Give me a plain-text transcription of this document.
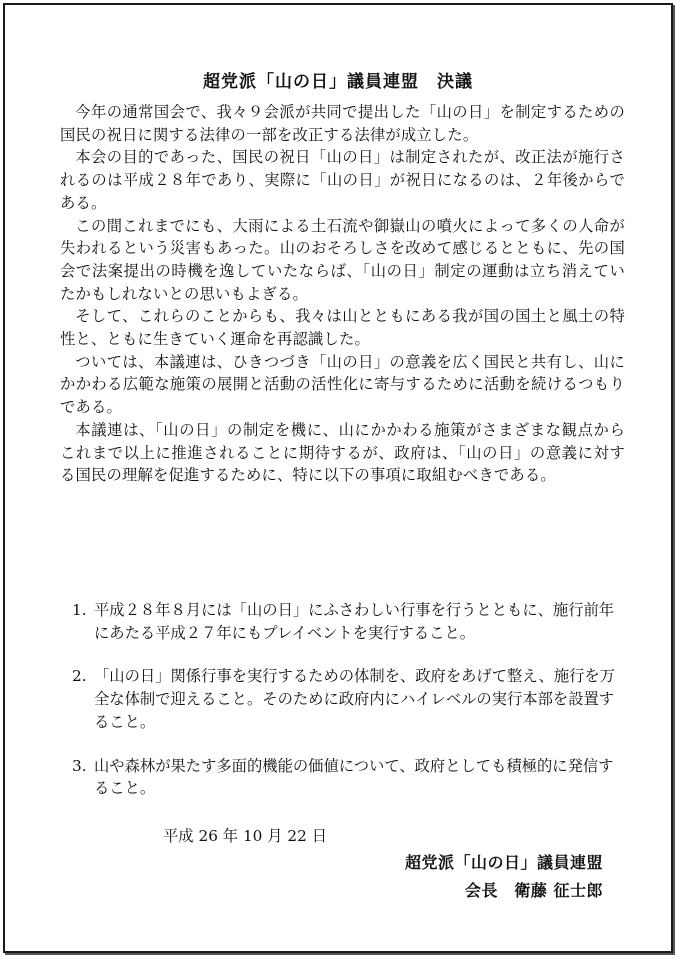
超党派「山の日」議員連盟　決議

今年の通常国会で、我々９会派が共同で提出した「山の日」を制定するための国民の祝日に関する法律の一部を改正する法律が成立した。

本会の目的であった、国民の祝日「山の日」は制定されたが、改正法が施行されるのは平成２８年であり、実際に「山の日」が祝日になるのは、２年後からである。

この間これまでにも、大雨による土石流や御嶽山の噴火によって多くの人命が失われるという災害もあった。山のおそろしさを改めて感じるとともに、先の国会で法案提出の時機を逸していたならば、「山の日」制定の運動は立ち消えていたかもしれないとの思いもよぎる。

そして、これらのことからも、我々は山とともにある我が国の国土と風土の特性と、ともに生きていく運命を再認識した。

ついては、本議連は、ひきつづき「山の日」の意義を広く国民と共有し、山にかかわる広範な施策の展開と活動の活性化に寄与するために活動を続けるつもりである。

本議連は、「山の日」の制定を機に、山にかかわる施策がさまざまな観点からこれまで以上に推進されることに期待するが、政府は、「山の日」の意義に対する国民の理解を促進するために、特に以下の事項に取組むべきである。

1. 平成２８年８月には「山の日」にふさわしい行事を行うとともに、施行前年にあたる平成２７年にもプレイベントを実行すること。
2. 「山の日」関係行事を実行するための体制を、政府をあげて整え、施行を万全な体制で迎えること。そのために政府内にハイレベルの実行本部を設置すること。
3. 山や森林が果たす多面的機能の価値について、政府としても積極的に発信すること。
平成 26 年 10 月 22 日
超党派「山の日」議員連盟
会長　衛藤 征士郎
